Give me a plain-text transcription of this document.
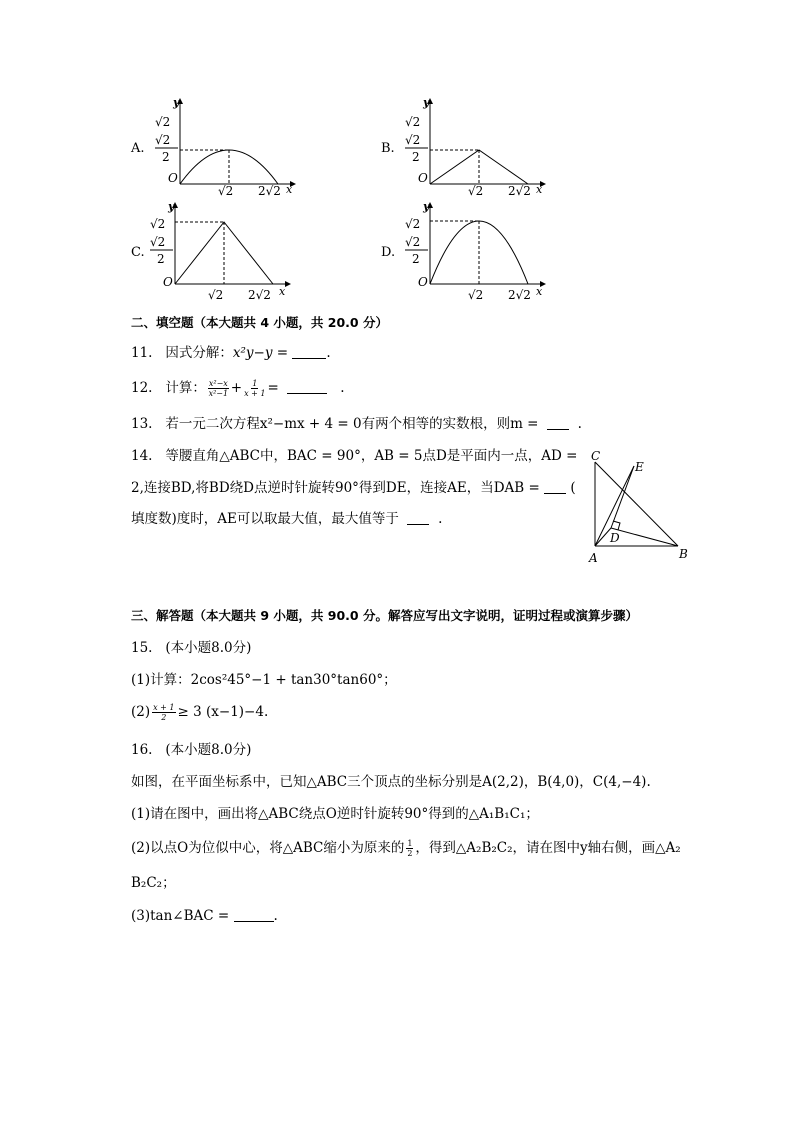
A.
y
√2
√2
2
O
√2 2√2 x
B.
y
√2
√2
2
O
√2 2√2 x
C.
y
√2
√2
2
O
√2 2√2 x
D.
y
√2
√2
2
O
√2 2√2 x
二、填空题（本大题共 4 小题，共 20.0 分）
11. 因式分解：x²y−y =	.
12. 计算： $\frac{\text{x²−x}}{\text{x²−1}} + \frac{1}{x + 1}$ =	.
13. 若一元二次方程x²−mx + 4 = 0有两个相等的实数根，则m =	.
14. 等腰直角△ABC中，BAC = 90°，AB = 5点D是平面内一点，AD =
2,连接BD,将BD绕D点逆时针旋转90°得到DE，连接AE，当DAB = (
填度数)度时，AE可以取最大值，最大值等于	.
C
E
D
A	B
三、解答题（本大题共 9 小题，共 90.0 分。解答应写出文字说明，证明过程或演算步骤）
15. (本小题8.0分)
(1)计算：2cos²45°−1 + tan30°tan60°；
$(2) \frac{x + 1}{2} \ge 3$ (x−1)−4.
16. (本小题8.0分)
如图，在平面坐标系中，已知△ABC三个顶点的坐标分别是A(2,2)，B(4,0)，C(4,−4).
(1)请在图中，画出将△ABC绕点O逆时针旋转90°得到的△A₁B₁C₁；
(2)以点O为位似中心，将△ABC缩小为原来的 $\frac{1}{2}$ ，得到△A₂B₂C₂，请在图中y轴右侧，画△A₂
B₂C₂；
(3)tan∠BAC =	.
